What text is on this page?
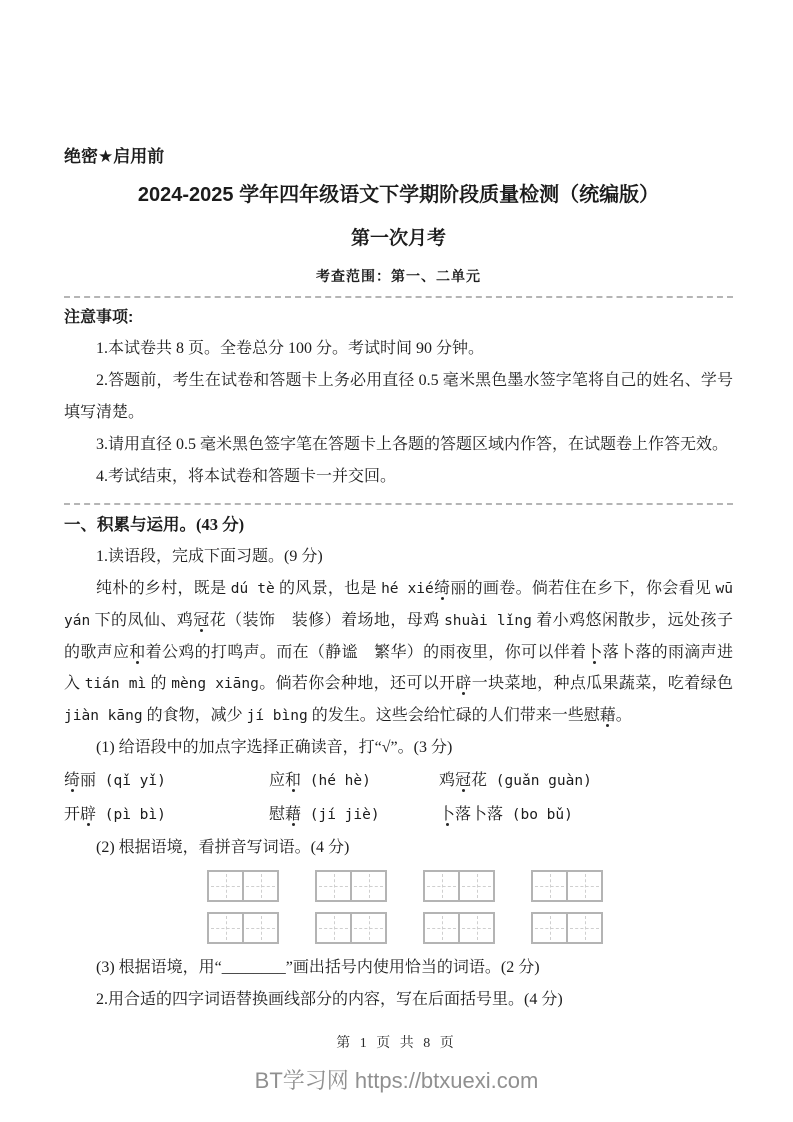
绝密★启用前
2024-2025 学年四年级语文下学期阶段质量检测（统编版）
第一次月考
考查范围：第一、二单元
注意事项:

1.本试卷共 8 页。全卷总分 100 分。考试时间 90 分钟。

2.答题前，考生在试卷和答题卡上务必用直径 0.5 毫米黑色墨水签字笔将自己的姓名、学号填写清楚。

3.请用直径 0.5 毫米黑色签字笔在答题卡上各题的答题区域内作答，在试题卷上作答无效。

4.考试结束，将本试卷和答题卡一并交回。

一、积累与运用。(43 分)

1.读语段，完成下面习题。(9 分)

纯朴的乡村，既是 dú tè 的风景，也是 hé xié绮丽的画卷。倘若住在乡下，你会看见 wū yán 下的凤仙、鸡冠花（装饰　装修）着场地，母鸡 shuài lǐng 着小鸡悠闲散步，远处孩子的歌声应和着公鸡的打鸣声。而在（静谧　繁华）的雨夜里，你可以伴着卜落卜落的雨滴声进入 tián mì 的 mèng xiāng。倘若你会种地，还可以开辟一块菜地，种点瓜果蔬菜，吃着绿色 jiàn kāng 的食物，减少 jí bìng 的发生。这些会给忙碌的人们带来一些慰藉。

(1) 给语段中的加点字选择正确读音，打“√”。(3 分)

绮丽 (qǐ yǐ)	应和 (hé hè)	鸡冠花 (guǎn guàn)
开辟 (pì bì)	慰藉 (jí jiè)	卜落卜落 (bo bǔ)

(2) 根据语境，看拼音写词语。(4 分)

(3) 根据语境，用“________”画出括号内使用恰当的词语。(2 分)

2.用合适的四字词语替换画线部分的内容，写在后面括号里。(4 分)

第 1 页 共 8 页
BT学习网 https://btxuexi.com
